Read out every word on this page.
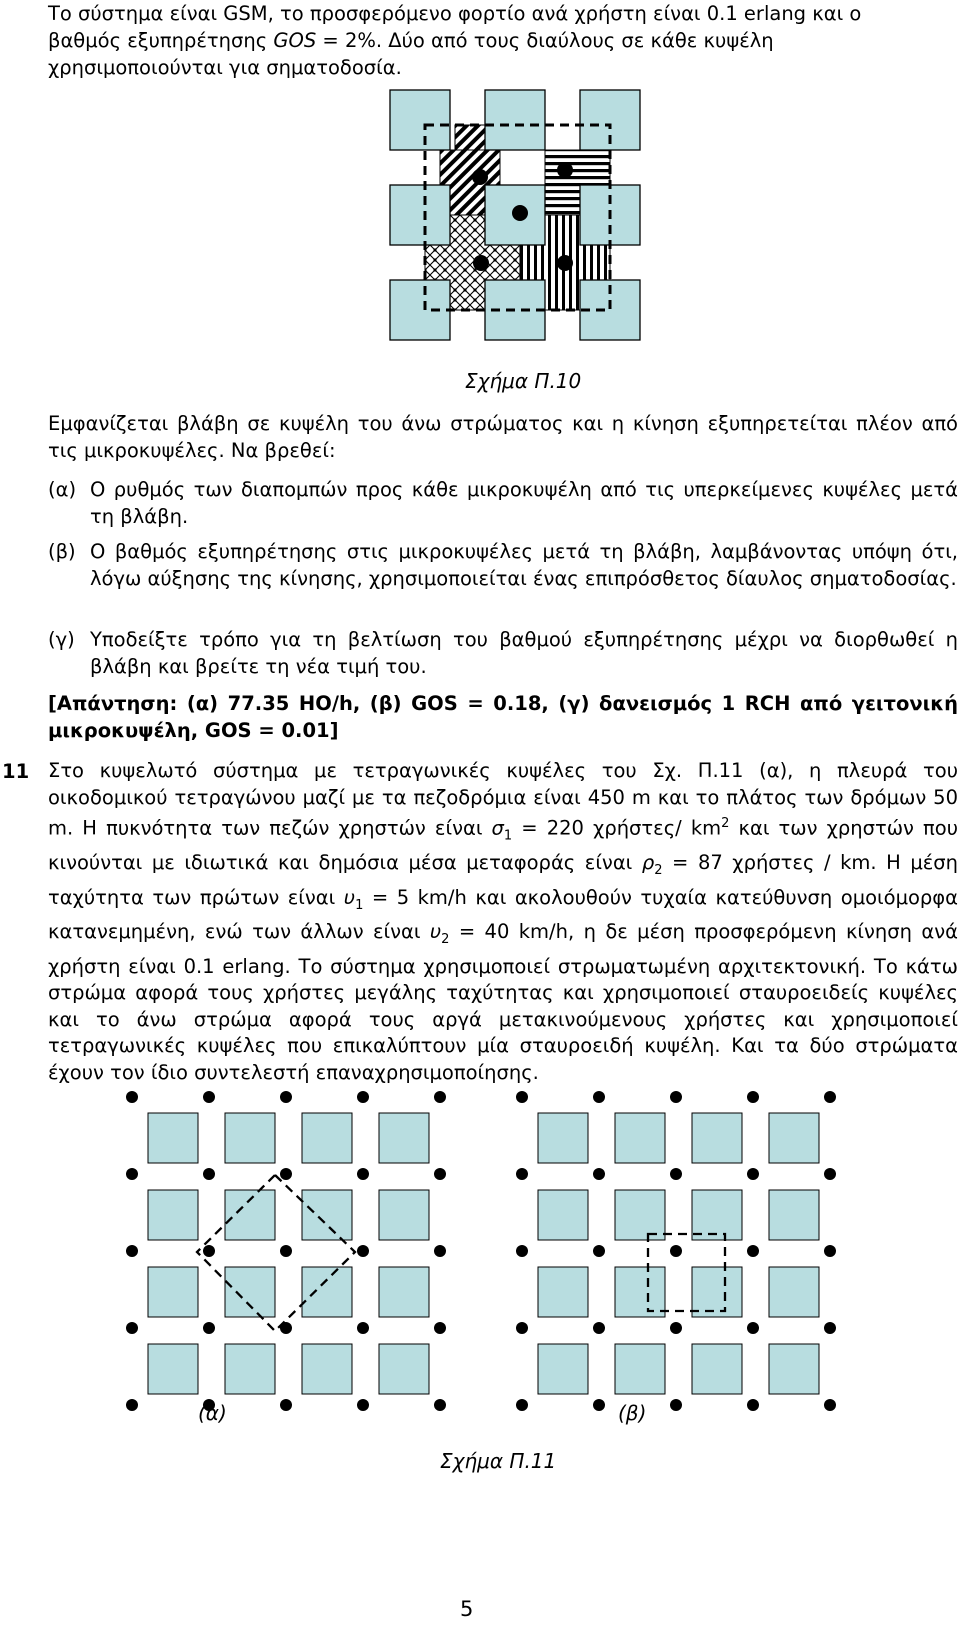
Το σύστημα είναι GSM, το προσφερόμενο φορτίο ανά χρήστη είναι 0.1 erlang και ο
βαθμός εξυπηρέτησης GOS = 2%. Δύο από τους διαύλους σε κάθε κυψέλη
χρησιμοποιούνται για σηματοδοσία.
Σχήμα Π.10
Εμφανίζεται βλάβη σε κυψέλη του άνω στρώματος και η κίνηση εξυπηρετείται πλέον από τις μικροκυψέλες. Να βρεθεί:
(α) Ο ρυθμός των διαπομπών προς κάθε μικροκυψέλη από τις υπερκείμενες κυψέλες μετά τη βλάβη.
(β) Ο βαθμός εξυπηρέτησης στις μικροκυψέλες μετά τη βλάβη, λαμβάνοντας υπόψη ότι, λόγω αύξησης της κίνησης, χρησιμοποιείται ένας επιπρόσθετος δίαυλος σηματοδοσίας.
(γ) Υποδείξτε τρόπο για τη βελτίωση του βαθμού εξυπηρέτησης μέχρι να διορθωθεί η βλάβη και βρείτε τη νέα τιμή του.
[Απάντηση: (α) 77.35 HO/h, (β) GOS = 0.18, (γ) δανεισμός 1 RCH από γειτονική μικροκυψέλη, GOS = 0.01]
11 Στο κυψελωτό σύστημα με τετραγωνικές κυψέλες του Σχ. Π.11 (α), η πλευρά του οικοδομικού τετραγώνου μαζί με τα πεζοδρόμια είναι 450 m και το πλάτος των δρόμων 50 m. Η πυκνότητα των πεζών χρηστών είναι $\sigma_1 = 220$ χρήστες/ $km^2$ και των χρηστών που κινούνται με ιδιωτικά και δημόσια μέσα μεταφοράς είναι $\rho_2 = 87$ χρήστες / km. Η μέση ταχύτητα των πρώτων είναι $\upsilon_1 = 5$ km/h και ακολουθούν τυχαία κατεύθυνση ομοιόμορφα κατανεμημένη, ενώ των άλλων είναι $\upsilon_2 = 40$ km/h, η δε μέση προσφερόμενη κίνηση ανά χρήστη είναι 0.1 erlang. Το σύστημα χρησιμοποιεί στρωματωμένη αρχιτεκτονική. Το κάτω στρώμα αφορά τους χρήστες μεγάλης ταχύτητας και χρησιμοποιεί σταυροειδείς κυψέλες και το άνω στρώμα αφορά τους αργά μετακινούμενους χρήστες και χρησιμοποιεί τετραγωνικές κυψέλες που επικαλύπτουν μία σταυροειδή κυψέλη. Και τα δύο στρώματα έχουν τον ίδιο συντελεστή επαναχρησιμοποίησης.
(α)	(β)
Σχήμα Π.11
5
